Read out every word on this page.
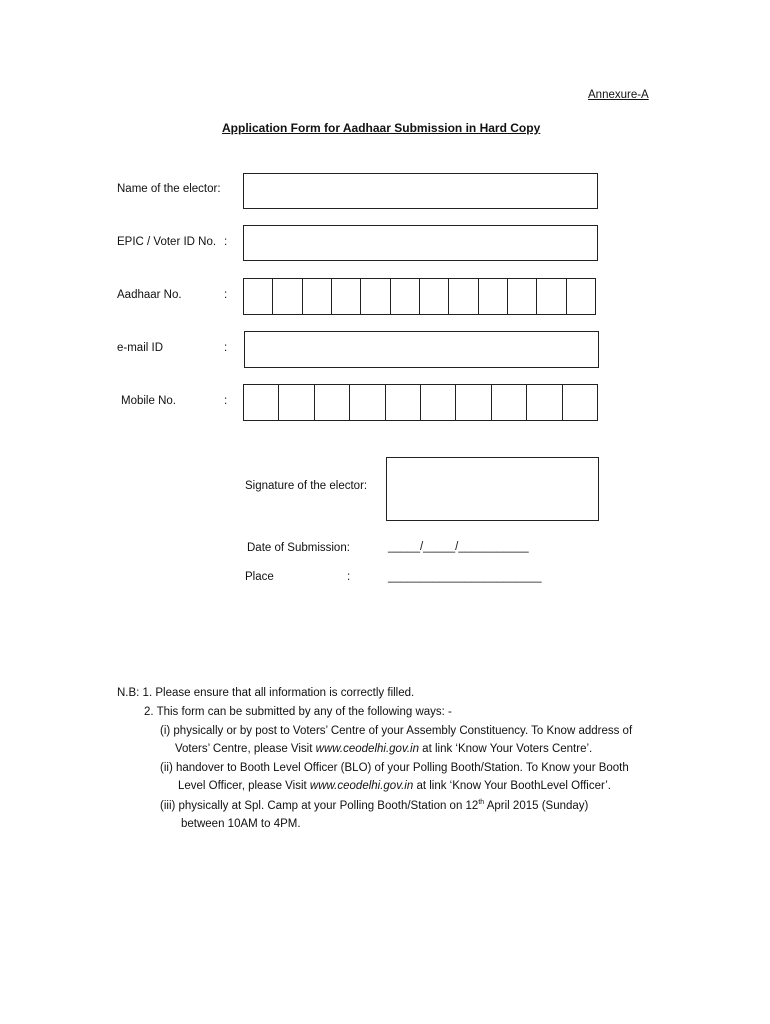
Annexure-A
Application Form for Aadhaar Submission in Hard Copy
Name of the elector:
EPIC / Voter ID No. :
Aadhaar No.	:
e-mail ID	:
Mobile No.	:
Signature of the elector:
Date of Submission:	_____/_____/___________
Place	:	________________________
N.B: 1. Please ensure that all information is correctly filled.
2. This form can be submitted by any of the following ways: -
(i) physically or by post to Voters’ Centre of your Assembly Constituency. To Know address of
Voters’ Centre, please Visit www.ceodelhi.gov.in at link ‘Know Your Voters Centre’.
(ii) handover to Booth Level Officer (BLO) of your Polling Booth/Station. To Know your Booth
Level Officer, please Visit www.ceodelhi.gov.in at link ‘Know Your BoothLevel Officer’.
(iii) physically at Spl. Camp at your Polling Booth/Station on 12th April 2015 (Sunday)
between 10AM to 4PM.
